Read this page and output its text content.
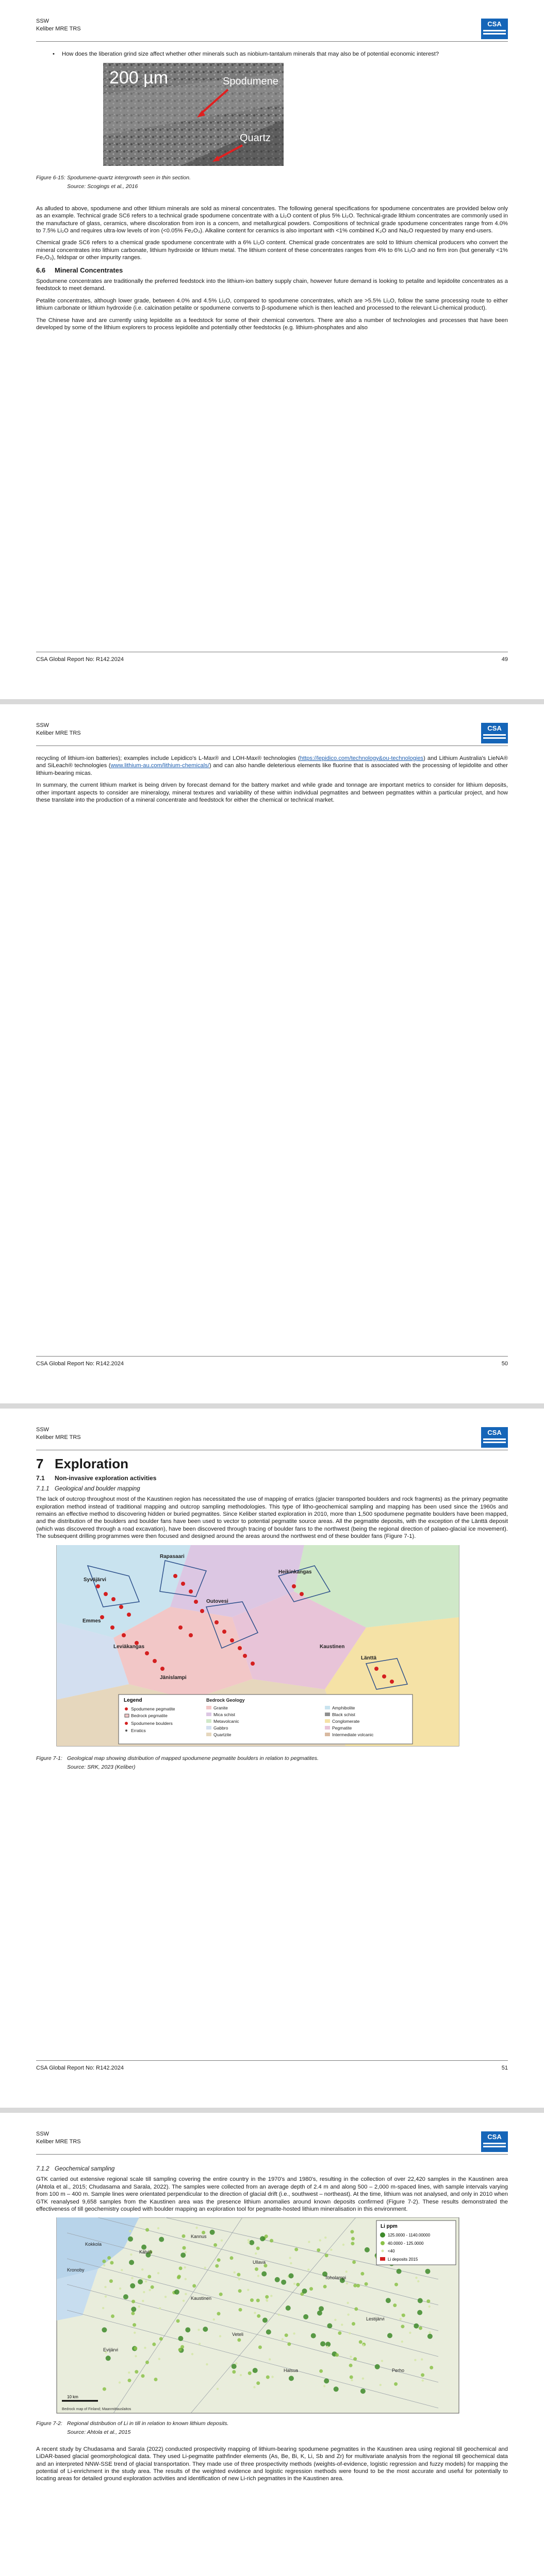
SSW
Keliber MRE TRS
CSA
• How does the liberation grind size affect whether other minerals such as niobium-tantalum minerals that may also be of potential economic interest?
200 µm	Spodumene
Quartz
Figure 6-15: Spodumene-quartz intergrowth seen in thin section.
Source: Scogings et al., 2016

As alluded to above, spodumene and other lithium minerals are sold as mineral concentrates. The following general specifications for spodumene concentrates are provided below only as an example. Technical grade SC6 refers to a technical grade spodumene concentrate with a Li₂O content of plus 5% Li₂O. Technical-grade lithium concentrates are commonly used in the manufacture of glass, ceramics, where discoloration from iron is a concern, and metallurgical powders. Compositions of technical grade spodumene concentrates range from 4.0% to 7.5% Li₂O and requires ultra-low levels of iron (<0.05% Fe₂O₃). Alkaline content for ceramics is also important with <1% combined K₂O and Na₂O requested by many end-users.

Chemical grade SC6 refers to a chemical grade spodumene concentrate with a 6% Li₂O content. Chemical grade concentrates are sold to lithium chemical producers who convert the mineral concentrates into lithium carbonate, lithium hydroxide or lithium metal. The lithium content of these concentrates ranges from 4% to 6% Li₂O and no firm iron (but generally <1% Fe₂O₃), feldspar or other impurity ranges.

6.6 Mineral Concentrates

Spodumene concentrates are traditionally the preferred feedstock into the lithium-ion battery supply chain, however future demand is looking to petalite and lepidolite concentrates as a feedstock to meet demand.

Petalite concentrates, although lower grade, between 4.0% and 4.5% Li₂O, compared to spodumene concentrates, which are >5.5% Li₂O, follow the same processing route to either lithium carbonate or lithium hydroxide (i.e. calcination petalite or spodumene converts to β-spodumene which is then leached and processed to the relevant Li-chemical product).

The Chinese have and are currently using lepidolite as a feedstock for some of their chemical convertors. There are also a number of technologies and processes that have been developed by some of the lithium explorers to process lepidolite and potentially other feedstocks (e.g. lithium-phosphates and also

CSA Global Report No: R142.2024	49
SSW
Keliber MRE TRS
CSA

recycling of lithium-ion batteries); examples include Lepidico's L-Max® and LOH-Max® technologies (https://lepidico.com/technology&ou-technologies) and Lithium Australia's LieNA® and SiLeach® technologies (www.lithium-au.com/lithium-chemicals/) and can also handle deleterious elements like fluorine that is associated with the processing of lepidolite and other lithium-bearing micas.

In summary, the current lithium market is being driven by forecast demand for the battery market and while grade and tonnage are important metrics to consider for lithium deposits, other important aspects to consider are mineralogy, mineral textures and variability of these within individual pegmatites and between pegmatites within a particular project, and how these translate into the production of a mineral concentrate and feedstock for either the chemical or technical market.

CSA Global Report No: R142.2024	50
SSW
Keliber MRE TRS
CSA
7 Exploration
7.1 Non-invasive exploration activities
7.1.1 Geological and boulder mapping

The lack of outcrop throughout most of the Kaustinen region has necessitated the use of mapping of erratics (glacier transported boulders and rock fragments) as the primary pegmatite exploration method instead of traditional mapping and outcrop sampling methodologies. This type of litho-geochemical sampling and mapping has been used since the 1960s and remains an effective method to discovering hidden or buried pegmatites. Since Keliber started exploration in 2010, more than 1,500 spodumene pegmatite boulders have been mapped, and the distribution of the boulders and boulder fans have been used to vector to potential pegmatite source areas. All the pegmatite deposits, with the exception of the Länttä deposit (which was discovered through a road excavation), have been discovered through tracing of boulder fans to the northwest (being the regional direction of palaeo-glacial ice movement). The subsequent drilling programmes were then focused and designed around the areas around the northwest end of these boulder fans (Figure 7-1).

Syväjärvi
Rapasaari
Outovesi
Emmes
Länttä
Leviäkangas
Jänislampi
Heikinkangas
Kaustinen
Legend
Spodumene pegmatite
Bedrock pegmatite
Spodumene boulders
Erratics
Bedrock Geology
Granite
Mica schist
Metavolcanic
Gabbro
Quartzite
Amphibolite
Black schist
Conglomerate
Pegmatite
Intermediate volcanic
Figure 7-1: Geological map showing distribution of mapped spodumene pegmatite boulders in relation to pegmatites.
Source: SRK, 2023 (Keliber)
CSA Global Report No: R142.2024	51
SSW
Keliber MRE TRS
CSA
7.1.2 Geochemical sampling

GTK carried out extensive regional scale till sampling covering the entire country in the 1970's and 1980's, resulting in the collection of over 22,420 samples in the Kaustinen area (Ahtola et al., 2015; Chudasama and Sarala, 2022). The samples were collected from an average depth of 2.4 m and along 500 – 2,000 m-spaced lines, with sample intervals varying from 100 m – 400 m. Sample lines were orientated perpendicular to the direction of glacial drift (i.e., southwest – northeast). At the time, lithium was not analysed, and only in 2010 when GTK reanalysed 9,658 samples from the Kaustinen area was the presence lithium anomalies around known deposits confirmed (Figure 7-2). These results demonstrated the effectiveness of till geochemistry coupled with boulder mapping an exploration tool for pegmatite-hosted lithium mineralisation in this environment.

Kokkola
Kronoby
Kälviä
Ullava
Kaustinen
Veteli
Halsua
Lestijärvi
Toholampi
Kannus
Perho
Evijärvi
Li ppm
125.0000 - 1140.00000
40.0000 - 125.0000
<40
Li deposits 2015
10 km
Bedrock map of Finland; Maanmittauslaitos
Figure 7-2: Regional distribution of Li in till in relation to known lithium deposits.
Source: Ahtola et al., 2015

A recent study by Chudasama and Sarala (2022) conducted prospectivity mapping of lithium-bearing spodumene pegmatites in the Kaustinen area using regional till geochemical and LiDAR-based glacial geomorphological data. They used Li-pegmatite pathfinder elements (As, Be, Bi, K, Li, Sb and Zr) for multivariate analysis from the regional till geochemical data and an interpreted NNW-SSE trend of glacial transportation. They made use of three prospectivity methods (weights-of-evidence, logistic regression and fuzzy models) for mapping the potential of Li-enrichment in the study area. The results of the weighted evidence and logistic regression methods were found to be the most accurate and useful for potentially to locating areas for detailed ground exploration activities and identification of new Li-rich pegmatites in the Kaustinen area.
